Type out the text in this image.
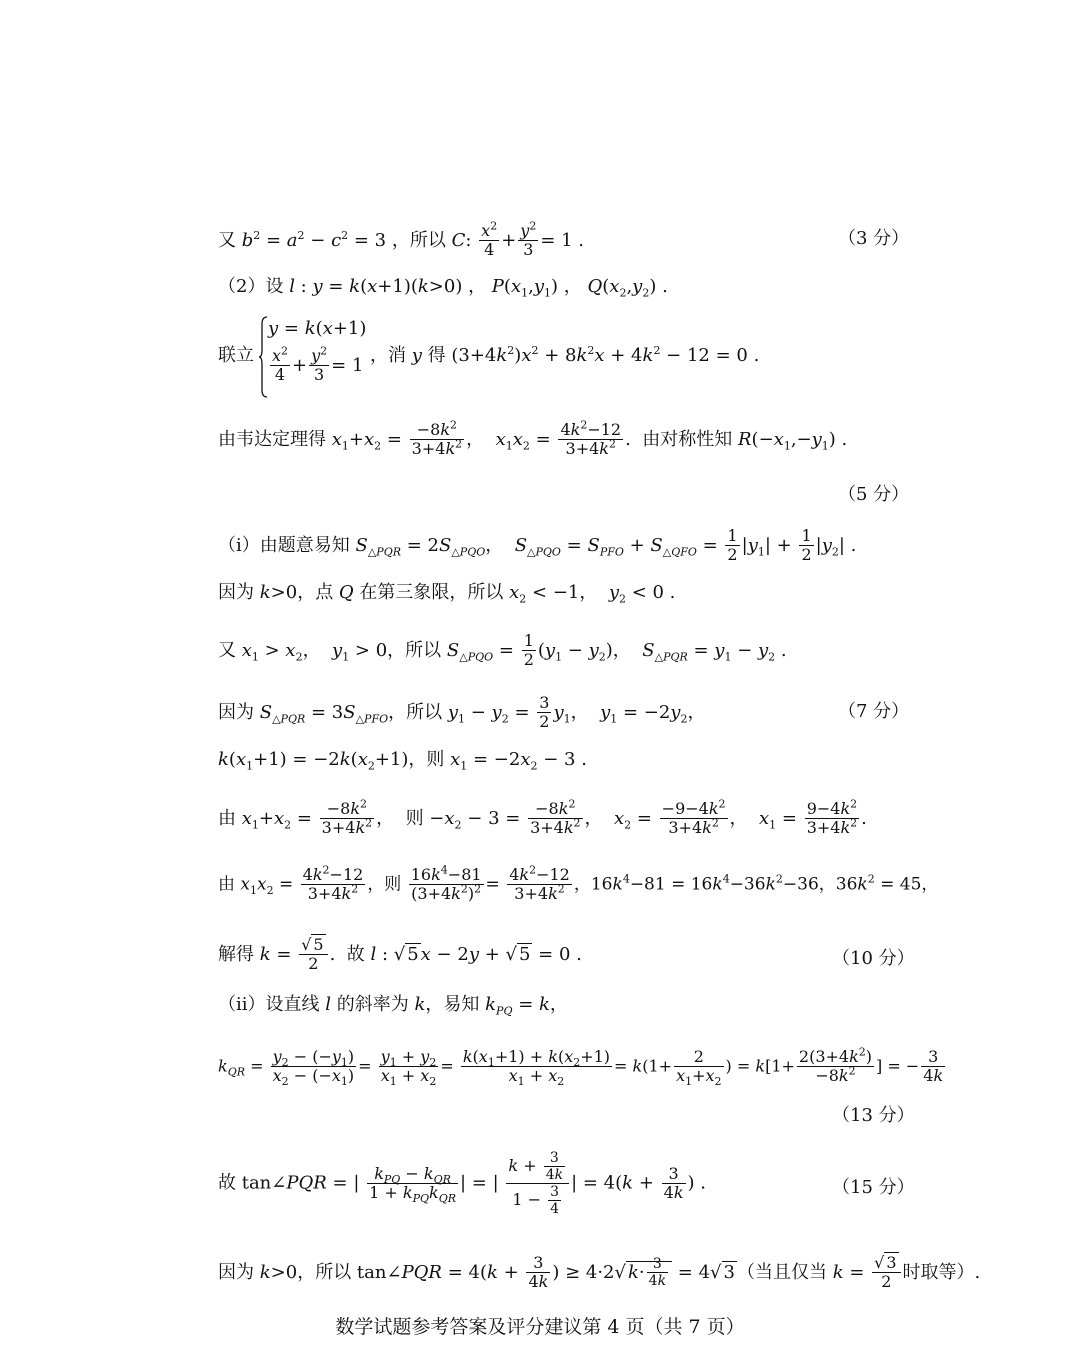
又 $b^2 = a^2 - c^2 = 3$ ，所以 C: $\frac{x^2}{4} + \frac{y^2}{3} = 1$ .	（3 分）
（2）设 l : y = k(x+1)(k>0) ， $P(x_1,y_1)$ ， $Q(x_2,y_2)$ .
联立
y = k(x+1)
$\frac{x^2}{4} + \frac{y^2}{3} = 1$ ，消 y 得 $(3+4k^2)x^2 + 8k^2x + 4k^2 - 12 = 0$ .
由韦达定理得 $x_1+x_2 = \frac{-8k^2}{3+4k^2}$ ，  $x_1x_2 = \frac{4k^2-12}{3+4k^2}$ .  由对称性知 $R(-x_1,-y_1)$ .
（5 分）
（ⅰ）由题意易知 $S_{\triangle PQR} = 2S_{\triangle PQO}$，  $S_{\triangle PQO} = S_{PFO} + S_{\triangle QFO} = \frac{1}{2} |y_1| + \frac{1}{2} |y_2|$ .
因为 k>0，点 Q 在第三象限，所以 $x_2 < -1$，  $y_2 < 0$ .
又 $x_1 > x_2$，  $y_1 > 0$，所以 $S_{\triangle PQO} = \frac{1}{2} (y_1 - y_2)$，  $S_{\triangle PQR} = y_1 - y_2$ .
因为 $S_{\triangle PQR} = 3S_{\triangle PFO}$，所以 $y_1 - y_2 = \frac{3}{2} y_1$，  $y_1 = -2y_2$，	（7 分）
$k(x_1+1) = -2k(x_2+1)$，则 $x_1 = -2x_2 - 3$ .
由 $x_1+x_2 = \frac{-8k^2}{3+4k^2}$ ，  则 $-x_2 - 3 = \frac{-8k^2}{3+4k^2}$ ，  $x_2 = \frac{-9-4k^2}{3+4k^2}$ ，  $x_1 = \frac{9-4k^2}{3+4k^2}$ .
由 $x_1x_2 = \frac{4k^2-12}{3+4k^2}$ ，则 $\frac{16k^4-81}{(3+4k^2)^2} = \frac{4k^2-12}{3+4k^2}$ ，$16k^4-81 = 16k^4-36k^2-36$，$36k^2 = 45$，
解得 $k = \frac{√ 5}{2}$ .  故 l : √ 5 x − 2y + √ 5 = 0 .	（10 分）
（ⅱ）设直线 l 的斜率为 k，易知 $k_{PQ} = k$，
$k_{QR} = \frac{y_2 - (-y_1)}{x_2 - (-x_1)} = \frac{y_1 + y_2}{x_1 + x_2} = \frac{k(x_1+1) + k(x_2+1)}{x_1 + x_2} = k(1+ \frac{2}{x_1+x_2}$ ) = $k[1+ \frac{2(3+4k^2)}{-8k^2}$ ] = − $\frac{3}{4k}$
（13 分）
故 tan∠PQR = | $\frac{k_{PQ} - k_{QR}}{1 + k_{PQ}k_{QR}}$ | = | $\frac{k + \frac{3}{4k}}{1 - \frac{3}{4}}$ | = $4(k + \frac{3}{4k}$ ) .	（15 分）
因为 k>0，所以 tan∠PQR = $4(k + \frac{3}{4k}$ ) ≥ 4·2√ $k\cdot \frac{3}{4k} = 4√$ 3 （当且仅当 $k = \frac{√ 3}{2}$ 时取等）.
数学试题参考答案及评分建议第 4 页（共 7 页）
